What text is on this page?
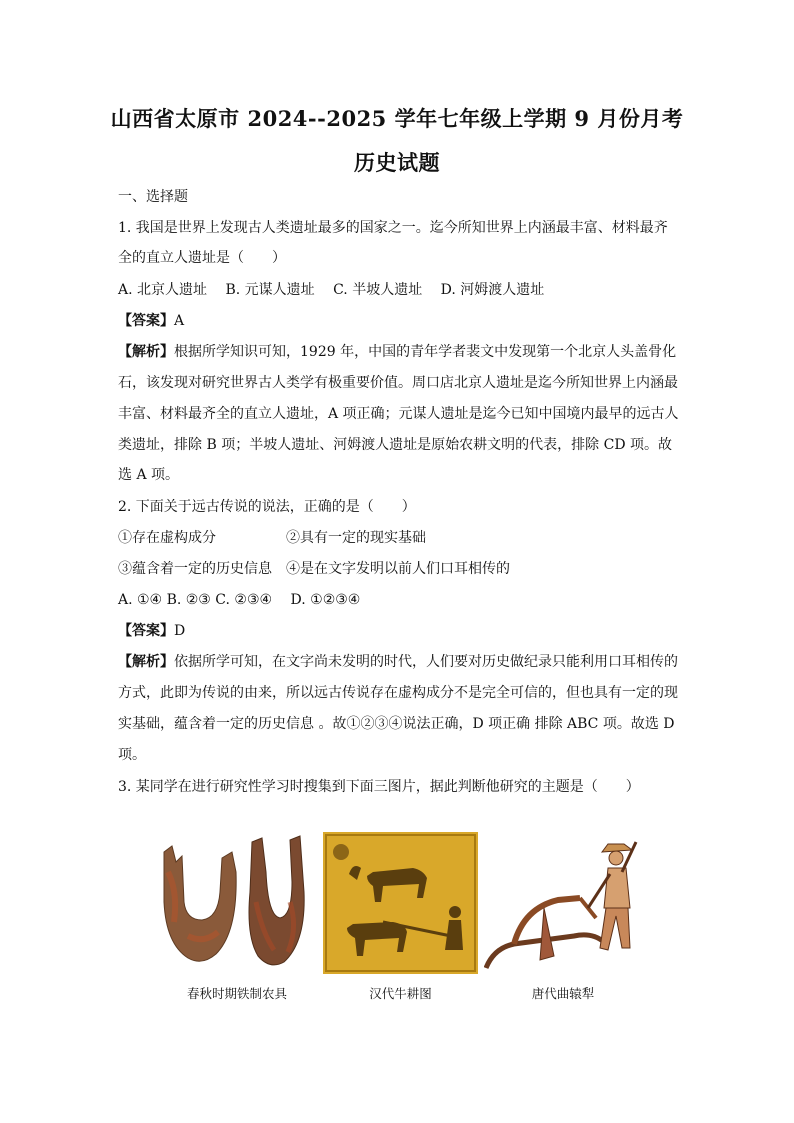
山西省太原市 2024--2025 学年七年级上学期 9 月份月考
历史试题
一、选择题
1. 我国是世界上发现古人类遗址最多的国家之一。迄今所知世界上内涵最丰富、材料最齐
全的直立人遗址是（　　）
A. 北京人遗址　 B. 元谋人遗址　 C. 半坡人遗址　 D. 河姆渡人遗址
【答案】A
【解析】根据所学知识可知，1929 年，中国的青年学者裴文中发现第一个北京人头盖骨化
石，该发现对研究世界古人类学有极重要价值。周口店北京人遗址是迄今所知世界上内涵最
丰富、材料最齐全的直立人遗址，A 项正确；元谋人遗址是迄今已知中国境内最早的远古人
类遗址，排除 B 项；半坡人遗址、河姆渡人遗址是原始农耕文明的代表，排除 CD 项。故
选 A 项。
2. 下面关于远古传说的说法，正确的是（　　）
①存在虚构成分　　　　　②具有一定的现实基础
③蕴含着一定的历史信息　④是在文字发明以前人们口耳相传的
A. ①④ B. ②③ C. ②③④　 D. ①②③④
【答案】D
【解析】依据所学可知，在文字尚未发明的时代，人们要对历史做纪录只能利用口耳相传的
方式，此即为传说的由来，所以远古传说存在虚构成分不是完全可信的，但也具有一定的现
实基础，蕴含着一定的历史信息 。故①②③④说法正确，D 项正确 排除 ABC 项。故选 D
项。
3. 某同学在进行研究性学习时搜集到下面三图片，据此判断他研究的主题是（　　）
春秋时期铁制农具	汉代牛耕图	唐代曲辕犁
